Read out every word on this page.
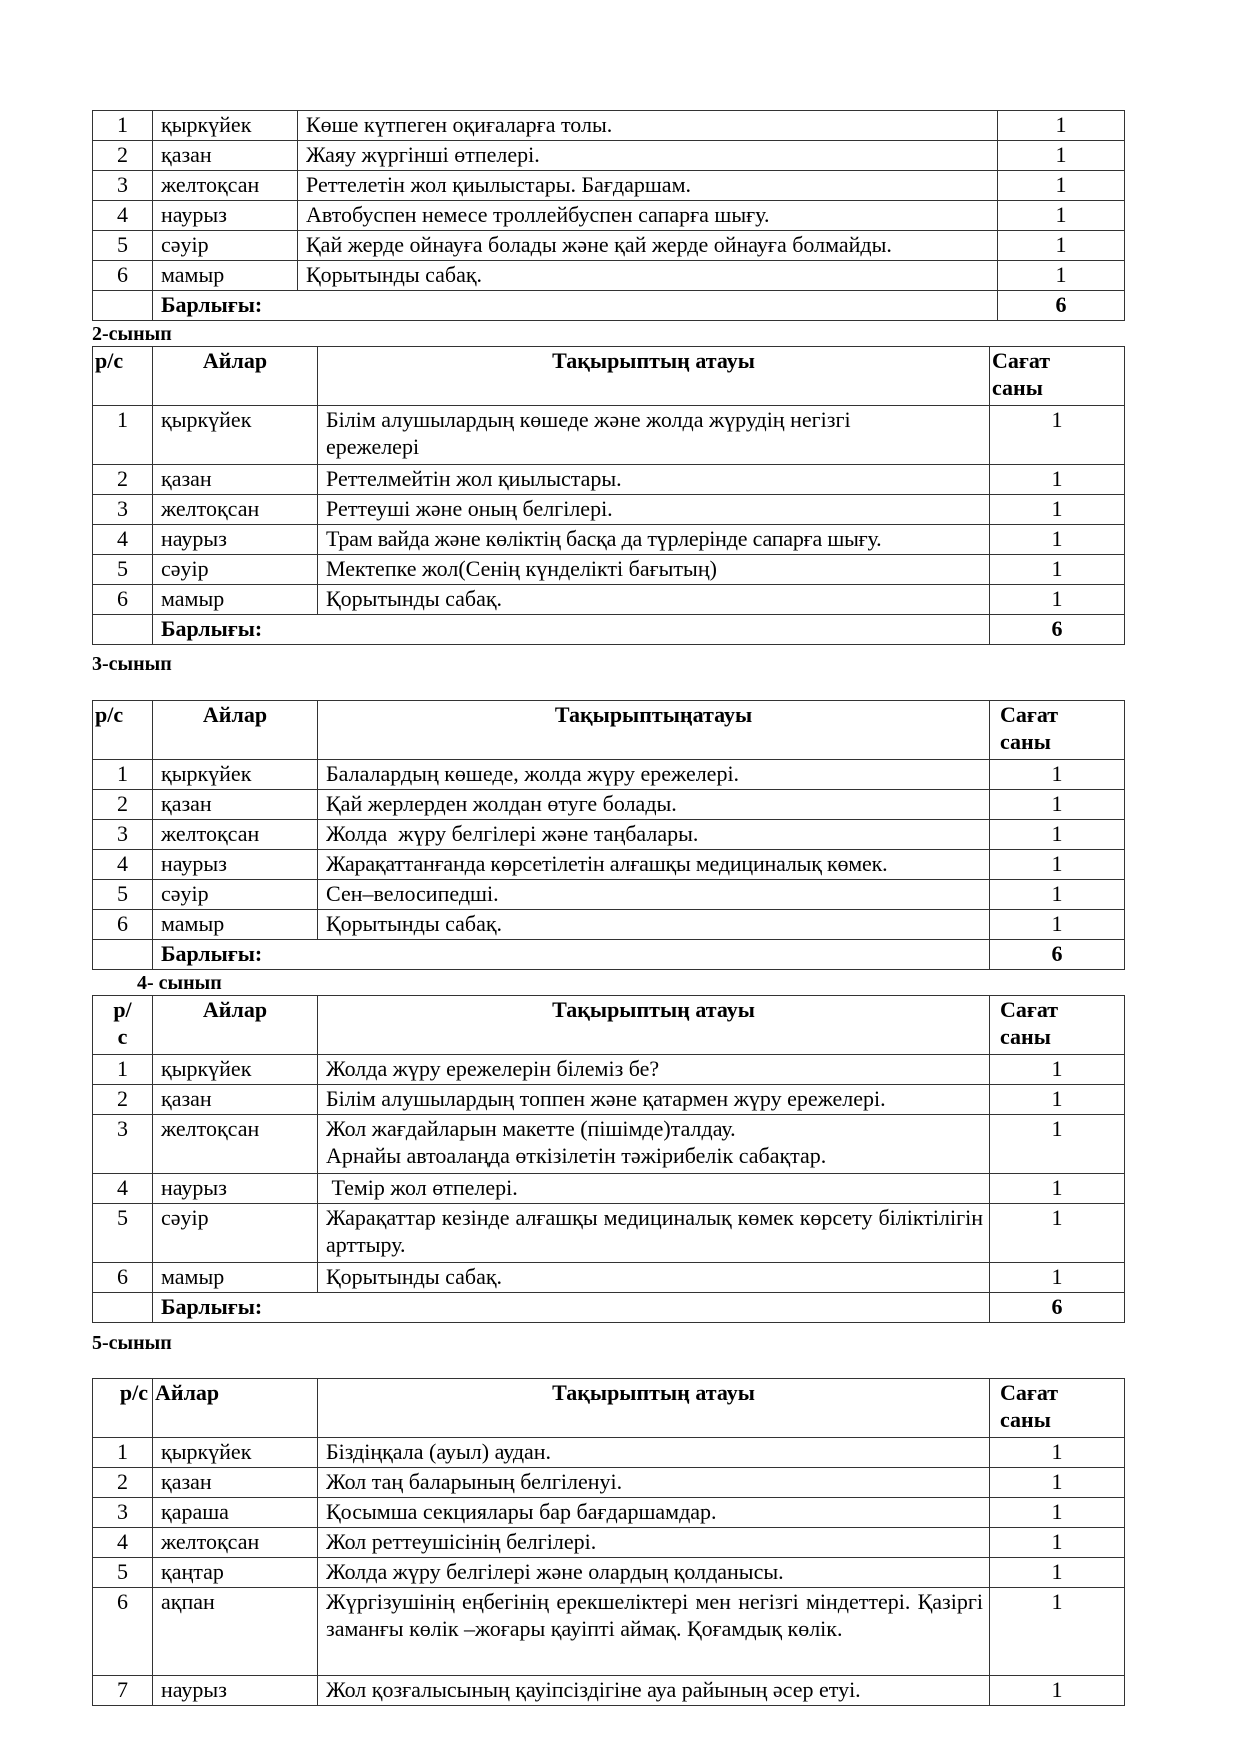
1	қыркүйек	Көше күтпеген оқиғаларға толы.	1
2	қазан	Жаяу жүргінші өтпелері.	1
3	желтоқсан	Реттелетін жол қиылыстары. Бағдаршам.	1
4	наурыз	Автобуспен немесе троллейбуспен сапарға шығу.	1
5	сәуір	Қай жерде ойнауға болады және қай жерде ойнауға болмайды.	1
6	мамыр	Қорытынды сабақ.	1
	Барлығы:		6
2-сынып
р/с	Айлар	Тақырыптың атауы	Сағат
саны
1	қыркүйек	Білім алушылардың көшеде және жолда жүрудің негізгі
ережелері	1
2	қазан	Реттелмейтін жол қиылыстары.	1
3	желтоқсан	Реттеуші және оның белгілері.	1
4	наурыз	Трам вайда және көліктің басқа да түрлерінде сапарға шығу.	1
5	сәуір	Мектепке жол(Сенің күнделікті бағытың)	1
6	мамыр	Қорытынды сабақ.	1
	Барлығы:		6
3-сынып
р/с	Айлар	Тақырыптыңатауы	Сағат
саны
1	қыркүйек	Балалардың көшеде, жолда жүру ережелері.	1
2	қазан	Қай жерлерден жолдан өтуге болады.	1
3	желтоқсан	Жолда  жүру белгілері және таңбалары.	1
4	наурыз	Жарақаттанғанда көрсетілетін алғашқы медициналық көмек.	1
5	сәуір	Сен–велосипедші.	1
6	мамыр	Қорытынды сабақ.	1
	Барлығы:		6
4- сынып
р/
с	Айлар	Тақырыптың атауы	Сағат
саны
1	қыркүйек	Жолда жүру ережелерін білеміз бе?	1
2	қазан	Білім алушылардың топпен және қатармен жүру ережелері.	1
3	желтоқсан	Жол жағдайларын макетте (пішімде)талдау.
Арнайы автоалаңда өткізілетін тәжірибелік сабақтар.	1
4	наурыз	Темір жол өтпелері.	1
5	сәуір	Жарақаттар кезінде алғашқы медициналық көмек көрсету біліктілігін арттыру.	1
6	мамыр	Қорытынды сабақ.	1
	Барлығы:		6
5-сынып
р/с	Айлар	Тақырыптың атауы	Сағат
саны
1	қыркүйек	Біздіңқала (ауыл) аудан.	1
2	қазан	Жол таң баларының белгіленуі.	1
3	қараша	Қосымша секциялары бар бағдаршамдар.	1
4	желтоқсан	Жол реттеушісінің белгілері.	1
5	қаңтар	Жолда жүру белгілері және олардың қолданысы.	1
6	ақпан	Жүргізушінің еңбегінің ерекшеліктері мен негізгі міндеттері. Қазіргі заманғы көлік –жоғары қауіпті аймақ. Қоғамдық көлік.	1
7	наурыз	Жол қозғалысының қауіпсіздігіне ауа райының әсер етуі.	1
